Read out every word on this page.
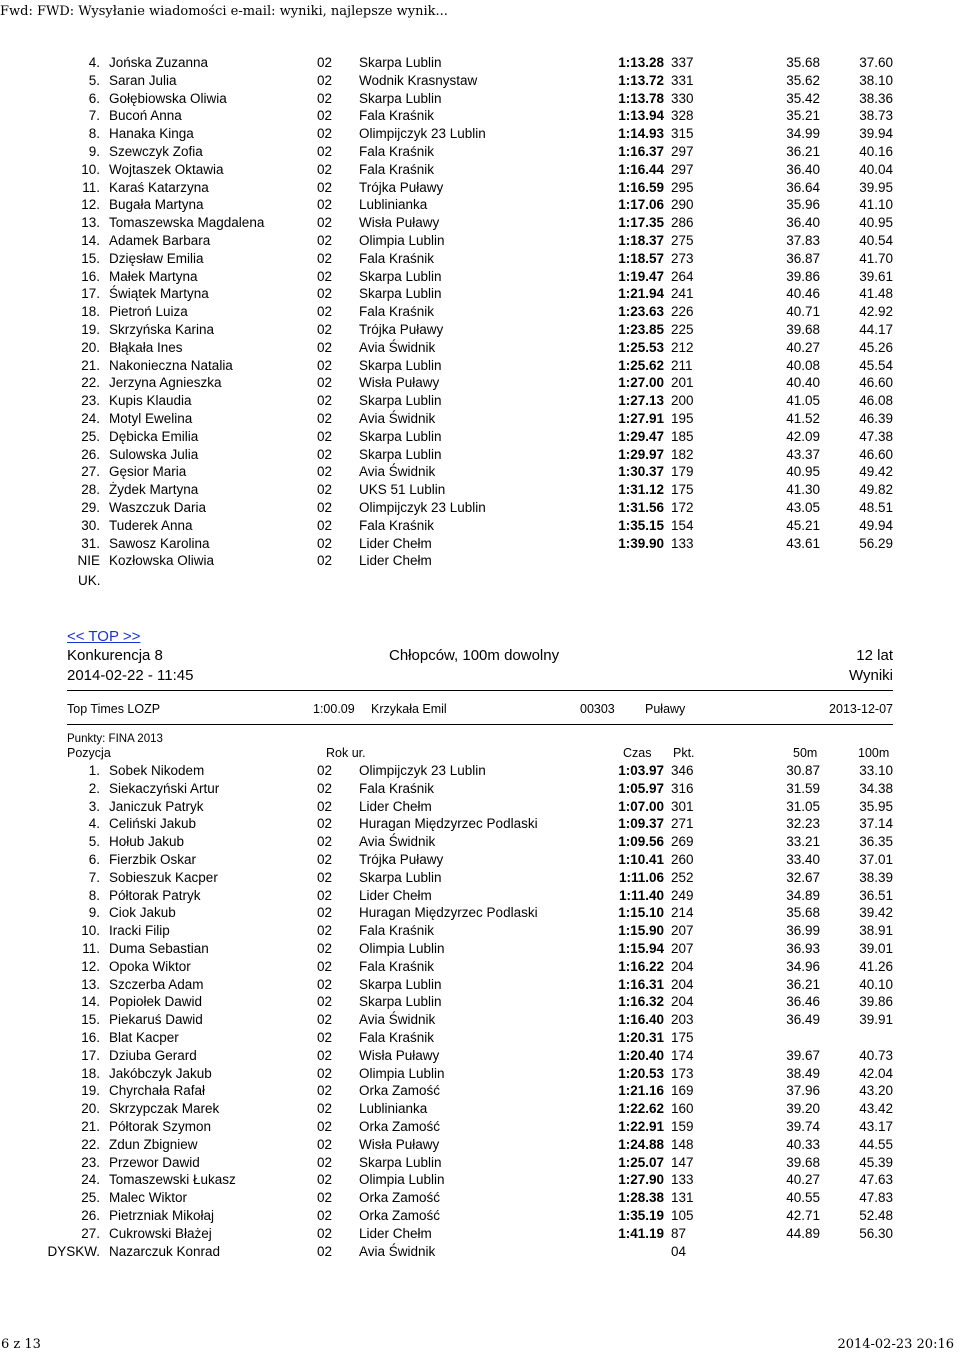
Fwd: FWD: Wysyłanie wiadomości e-mail: wyniki, najlepsze wynik...
4. Jońska Zuzanna	02 Skarpa Lublin	1:13.28 337	35.68	37.60
5. Saran Julia	02 Wodnik Krasnystaw	1:13.72 331	35.62	38.10
6. Gołębiowska Oliwia	02 Skarpa Lublin	1:13.78 330	35.42	38.36
7. Bucoń Anna	02 Fala Kraśnik	1:13.94 328	35.21	38.73
8. Hanaka Kinga	02 Olimpijczyk 23 Lublin	1:14.93 315	34.99	39.94
9. Szewczyk Zofia	02 Fala Kraśnik	1:16.37 297	36.21	40.16
10. Wojtaszek Oktawia	02 Fala Kraśnik	1:16.44 297	36.40	40.04
11. Karaś Katarzyna	02 Trójka Puławy	1:16.59 295	36.64	39.95
12. Bugała Martyna	02 Lublinianka	1:17.06 290	35.96	41.10
13. Tomaszewska Magdalena	02 Wisła Puławy	1:17.35 286	36.40	40.95
14. Adamek Barbara	02 Olimpia Lublin	1:18.37 275	37.83	40.54
15. Dzięsław Emilia	02 Fala Kraśnik	1:18.57 273	36.87	41.70
16. Małek Martyna	02 Skarpa Lublin	1:19.47 264	39.86	39.61
17. Świątek Martyna	02 Skarpa Lublin	1:21.94 241	40.46	41.48
18. Pietroń Luiza	02 Fala Kraśnik	1:23.63 226	40.71	42.92
19. Skrzyńska Karina	02 Trójka Puławy	1:23.85 225	39.68	44.17
20. Błąkała Ines	02 Avia Świdnik	1:25.53 212	40.27	45.26
21. Nakonieczna Natalia	02 Skarpa Lublin	1:25.62 211	40.08	45.54
22. Jerzyna Agnieszka	02 Wisła Puławy	1:27.00 201	40.40	46.60
23. Kupis Klaudia	02 Skarpa Lublin	1:27.13 200	41.05	46.08
24. Motyl Ewelina	02 Avia Świdnik	1:27.91 195	41.52	46.39
25. Dębicka Emilia	02 Skarpa Lublin	1:29.47 185	42.09	47.38
26. Sulowska Julia	02 Skarpa Lublin	1:29.97 182	43.37	46.60
27. Gęsior Maria	02 Avia Świdnik	1:30.37 179	40.95	49.42
28. Żydek Martyna	02 UKS 51 Lublin	1:31.12 175	41.30	49.82
29. Waszczuk Daria	02 Olimpijczyk 23 Lublin	1:31.56 172	43.05	48.51
30. Tuderek Anna	02 Fala Kraśnik	1:35.15 154	45.21	49.94
31. Sawosz Karolina	02 Lider Chełm	1:39.90 133	43.61	56.29
NIE Kozłowska Oliwia	02 Lider Chełm
UK.
<< TOP >>
Konkurencja 8	Chłopców, 100m dowolny	12 lat
2014-02-22 - 11:45	Wyniki
Top Times LOZP	1:00.09 Krzykała Emil	00303 Puławy	2013-12-07
Punkty: FINA 2013
Pozycja	Rok ur.	Czas Pkt.	50m	100m
1. Sobek Nikodem	02 Olimpijczyk 23 Lublin	1:03.97 346	30.87	33.10
2. Siekaczyński Artur	02 Fala Kraśnik	1:05.97 316	31.59	34.38
3. Janiczuk Patryk	02 Lider Chełm	1:07.00 301	31.05	35.95
4. Celiński Jakub	02 Huragan Międzyrzec Podlaski	1:09.37 271	32.23	37.14
5. Hołub Jakub	02 Avia Świdnik	1:09.56 269	33.21	36.35
6. Fierzbik Oskar	02 Trójka Puławy	1:10.41 260	33.40	37.01
7. Sobieszuk Kacper	02 Skarpa Lublin	1:11.06 252	32.67	38.39
8. Półtorak Patryk	02 Lider Chełm	1:11.40 249	34.89	36.51
9. Ciok Jakub	02 Huragan Międzyrzec Podlaski	1:15.10 214	35.68	39.42
10. Iracki Filip	02 Fala Kraśnik	1:15.90 207	36.99	38.91
11. Duma Sebastian	02 Olimpia Lublin	1:15.94 207	36.93	39.01
12. Opoka Wiktor	02 Fala Kraśnik	1:16.22 204	34.96	41.26
13. Szczerba Adam	02 Skarpa Lublin	1:16.31 204	36.21	40.10
14. Popiołek Dawid	02 Skarpa Lublin	1:16.32 204	36.46	39.86
15. Piekaruś Dawid	02 Avia Świdnik	1:16.40 203	36.49	39.91
16. Blat Kacper	02 Fala Kraśnik	1:20.31 175
17. Dziuba Gerard	02 Wisła Puławy	1:20.40 174	39.67	40.73
18. Jakóbczyk Jakub	02 Olimpia Lublin	1:20.53 173	38.49	42.04
19. Chyrchała Rafał	02 Orka Zamość	1:21.16 169	37.96	43.20
20. Skrzypczak Marek	02 Lublinianka	1:22.62 160	39.20	43.42
21. Półtorak Szymon	02 Orka Zamość	1:22.91 159	39.74	43.17
22. Zdun Zbigniew	02 Wisła Puławy	1:24.88 148	40.33	44.55
23. Przewor Dawid	02 Skarpa Lublin	1:25.07 147	39.68	45.39
24. Tomaszewski Łukasz	02 Olimpia Lublin	1:27.90 133	40.27	47.63
25. Malec Wiktor	02 Orka Zamość	1:28.38 131	40.55	47.83
26. Pietrzniak Mikołaj	02 Orka Zamość	1:35.19 105	42.71	52.48
27. Cukrowski Błażej	02 Lider Chełm	1:41.19 87	44.89	56.30
DYSKW. Nazarczuk Konrad	02 Avia Świdnik	04
6 z 13	2014-02-23 20:16
